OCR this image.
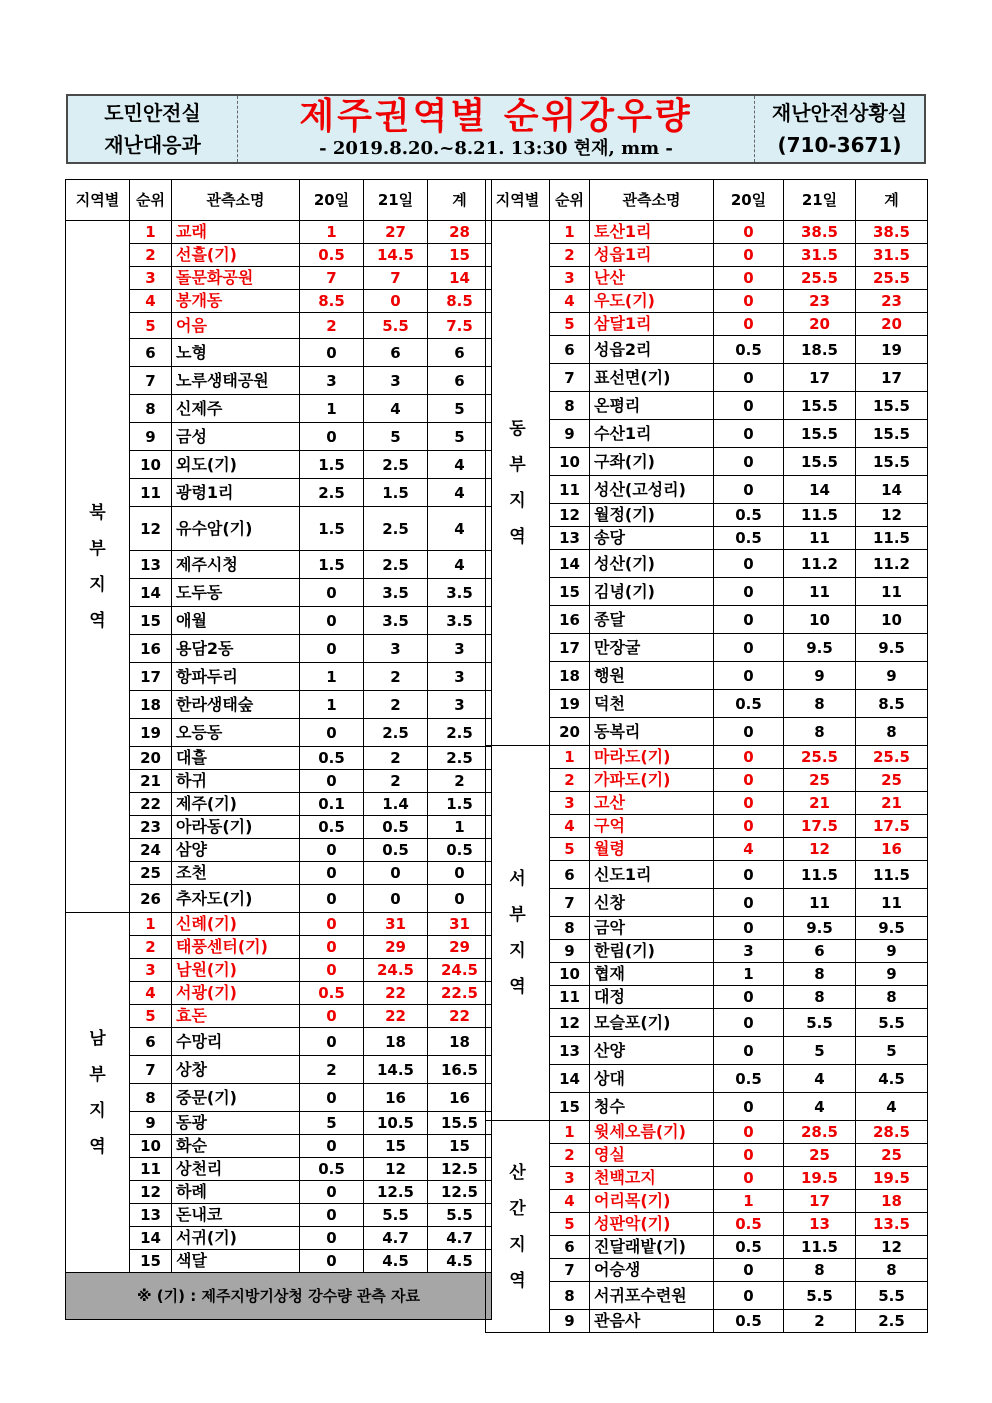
도민안전실
재난대응과
제주권역별 순위강우량
- 2019.8.20.~8.21. 13:30 현재, mm -
재난안전상황실
(710-3671)
지역별	순위	관측소명	20일	21일	계

북
부
지
역	1	교래	1	27	28
	2	선흘(기)	0.5	14.5	15
	3	돌문화공원	7	7	14
	4	봉개동	8.5	0	8.5
	5	어음	2	5.5	7.5
	6	노형	0	6	6
	7	노루생태공원	3	3	6
	8	신제주	1	4	5
	9	금성	0	5	5
	10	외도(기)	1.5	2.5	4
	11	광령1리	2.5	1.5	4
	12	유수암(기)	1.5	2.5	4
	13	제주시청	1.5	2.5	4
	14	도두동	0	3.5	3.5
	15	애월	0	3.5	3.5
	16	용담2동	0	3	3
	17	항파두리	1	2	3
	18	한라생태숲	1	2	3
	19	오등동	0	2.5	2.5
	20	대흘	0.5	2	2.5
	21	하귀	0	2	2
	22	제주(기)	0.1	1.4	1.5
	23	아라동(기)	0.5	0.5	1
	24	삼양	0	0.5	0.5
	25	조천	0	0	0
	26	추자도(기)	0	0	0

남
부
지
역	1	신례(기)	0	31	31
	2	태풍센터(기)	0	29	29
	3	남원(기)	0	24.5	24.5
	4	서광(기)	0.5	22	22.5
	5	효돈	0	22	22
	6	수망리	0	18	18
	7	상창	2	14.5	16.5
	8	중문(기)	0	16	16
	9	동광	5	10.5	15.5
	10	화순	0	15	15
	11	상천리	0.5	12	12.5
	12	하례	0	12.5	12.5
	13	돈내코	0	5.5	5.5
	14	서귀(기)	0	4.7	4.7
	15	색달	0	4.5	4.5
※ (기) : 제주지방기상청 강수량 관측 자료					
지역별	순위	관측소명	20일	21일	계

동
부
지
역	1	토산1리	0	38.5	38.5
	2	성읍1리	0	31.5	31.5
	3	난산	0	25.5	25.5
	4	우도(기)	0	23	23
	5	삼달1리	0	20	20
	6	성읍2리	0.5	18.5	19
	7	표선면(기)	0	17	17
	8	온평리	0	15.5	15.5
	9	수산1리	0	15.5	15.5
	10	구좌(기)	0	15.5	15.5
	11	성산(고성리)	0	14	14
	12	월정(기)	0.5	11.5	12
	13	송당	0.5	11	11.5
	14	성산(기)	0	11.2	11.2
	15	김녕(기)	0	11	11
	16	종달	0	10	10
	17	만장굴	0	9.5	9.5
	18	행원	0	9	9
	19	덕천	0.5	8	8.5
	20	동복리	0	8	8

서
부
지
역	1	마라도(기)	0	25.5	25.5
	2	가파도(기)	0	25	25
	3	고산	0	21	21
	4	구억	0	17.5	17.5
	5	월령	4	12	16
	6	신도1리	0	11.5	11.5
	7	신창	0	11	11
	8	금악	0	9.5	9.5
	9	한림(기)	3	6	9
	10	협재	1	8	9
	11	대정	0	8	8
	12	모슬포(기)	0	5.5	5.5
	13	산양	0	5	5
	14	상대	0.5	4	4.5
	15	청수	0	4	4

산
간
지
역	1	윗세오름(기)	0	28.5	28.5
	2	영실	0	25	25
	3	천백고지	0	19.5	19.5
	4	어리목(기)	1	17	18
	5	성판악(기)	0.5	13	13.5
	6	진달래밭(기)	0.5	11.5	12
	7	어승생	0	8	8
	8	서귀포수련원	0	5.5	5.5
	9	관음사	0.5	2	2.5
